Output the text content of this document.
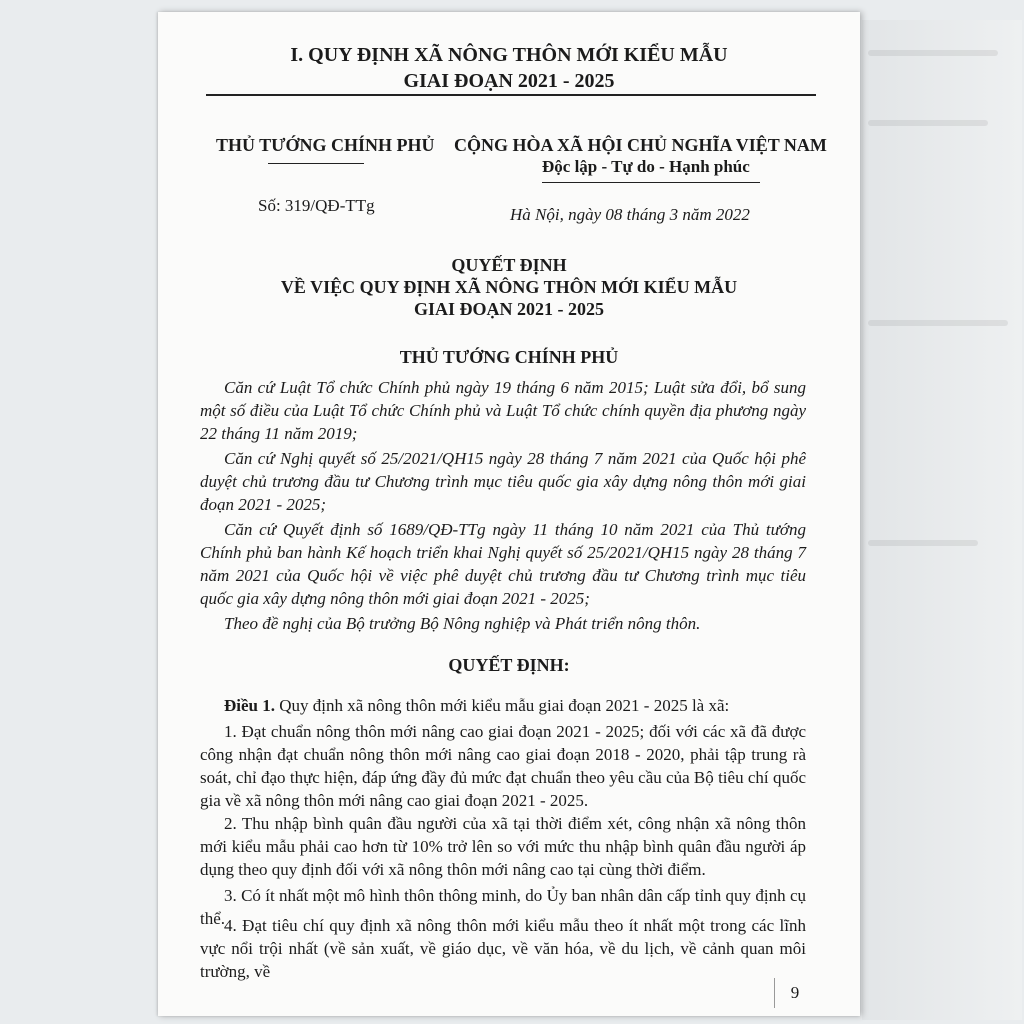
I. QUY ĐỊNH XÃ NÔNG THÔN MỚI KIỂU MẪU
GIAI ĐOẠN 2021 - 2025
THỦ TƯỚNG CHÍNH PHỦ CỘNG HÒA XÃ HỘI CHỦ NGHĨA VIỆT NAM
Độc lập - Tự do - Hạnh phúc
Số: 319/QĐ-TTg	Hà Nội, ngày 08 tháng 3 năm 2022
QUYẾT ĐỊNH
VỀ VIỆC QUY ĐỊNH XÃ NÔNG THÔN MỚI KIỂU MẪU
GIAI ĐOẠN 2021 - 2025
THỦ TƯỚNG CHÍNH PHỦ
Căn cứ Luật Tổ chức Chính phủ ngày 19 tháng 6 năm 2015; Luật sửa đổi, bổ sung một số điều của Luật Tổ chức Chính phủ và Luật Tổ chức chính quyền địa phương ngày 22 tháng 11 năm 2019;
Căn cứ Nghị quyết số 25/2021/QH15 ngày 28 tháng 7 năm 2021 của Quốc hội phê duyệt chủ trương đầu tư Chương trình mục tiêu quốc gia xây dựng nông thôn mới giai đoạn 2021 - 2025;
Căn cứ Quyết định số 1689/QĐ-TTg ngày 11 tháng 10 năm 2021 của Thủ tướng Chính phủ ban hành Kế hoạch triển khai Nghị quyết số 25/2021/QH15 ngày 28 tháng 7 năm 2021 của Quốc hội về việc phê duyệt chủ trương đầu tư Chương trình mục tiêu quốc gia xây dựng nông thôn mới giai đoạn 2021 - 2025;
Theo đề nghị của Bộ trưởng Bộ Nông nghiệp và Phát triển nông thôn.
QUYẾT ĐỊNH:
Điều 1. Quy định xã nông thôn mới kiểu mẫu giai đoạn 2021 - 2025 là xã:
1. Đạt chuẩn nông thôn mới nâng cao giai đoạn 2021 - 2025; đối với các xã đã được công nhận đạt chuẩn nông thôn mới nâng cao giai đoạn 2018 - 2020, phải tập trung rà soát, chỉ đạo thực hiện, đáp ứng đầy đủ mức đạt chuẩn theo yêu cầu của Bộ tiêu chí quốc gia về xã nông thôn mới nâng cao giai đoạn 2021 - 2025.
2. Thu nhập bình quân đầu người của xã tại thời điểm xét, công nhận xã nông thôn mới kiểu mẫu phải cao hơn từ 10% trở lên so với mức thu nhập bình quân đầu người áp dụng theo quy định đối với xã nông thôn mới nâng cao tại cùng thời điểm.
3. Có ít nhất một mô hình thôn thông minh, do Ủy ban nhân dân cấp tỉnh quy định cụ thể.
4. Đạt tiêu chí quy định xã nông thôn mới kiểu mẫu theo ít nhất một trong các lĩnh vực nổi trội nhất (về sản xuất, về giáo dục, về văn hóa, về du lịch, về cảnh quan môi trường, về
9
